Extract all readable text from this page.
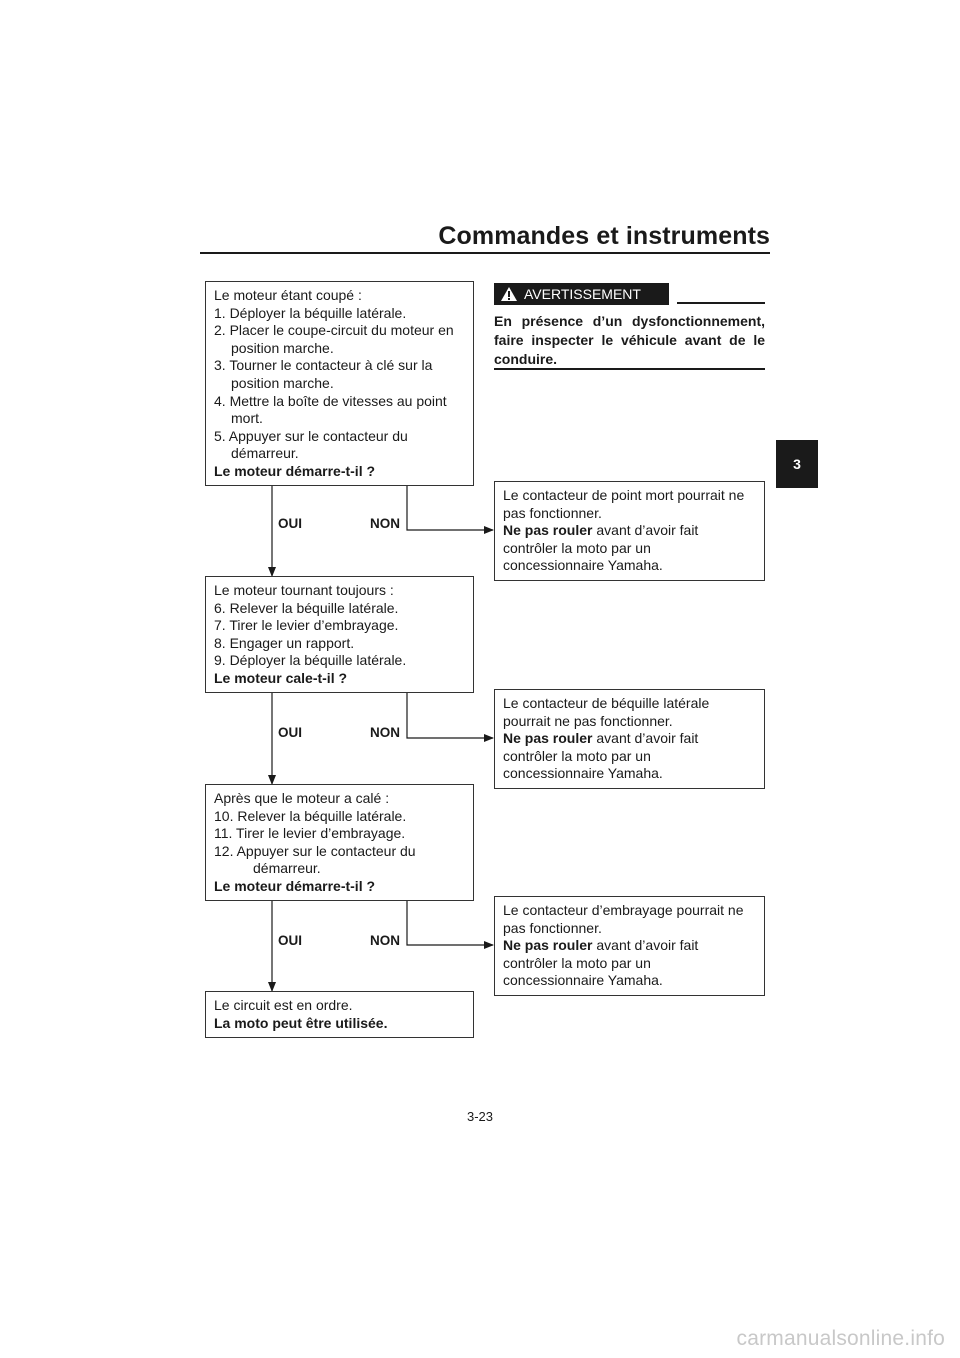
Commandes et instruments
3
Le moteur étant coupé :
1. Déployer la béquille latérale.
2. Placer le coupe-circuit du moteur en
position marche.
3. Tourner le contacteur à clé sur la
position marche.
4. Mettre la boîte de vitesses au point
mort.
5. Appuyer sur le contacteur du
démarreur.
Le moteur démarre-t-il ?
Le moteur tournant toujours :
6. Relever la béquille latérale.
7. Tirer le levier d’embrayage.
8. Engager un rapport.
9. Déployer la béquille latérale.
Le moteur cale-t-il ?
Après que le moteur a calé :
10. Relever la béquille latérale.
11. Tirer le levier d’embrayage.
12. Appuyer sur le contacteur du
démarreur.
Le moteur démarre-t-il ?
Le circuit est en ordre.
La moto peut être utilisée.
OUI	NON
OUI	NON
OUI	NON
Le contacteur de point mort pourrait ne
pas fonctionner.
Ne pas rouler avant d’avoir fait
contrôler la moto par un
concessionnaire Yamaha.
Le contacteur de béquille latérale
pourrait ne pas fonctionner.
Ne pas rouler avant d’avoir fait
contrôler la moto par un
concessionnaire Yamaha.
Le contacteur d’embrayage pourrait ne
pas fonctionner.
Ne pas rouler avant d’avoir fait
contrôler la moto par un
concessionnaire Yamaha.
AVERTISSEMENT
En présence d’un dysfonctionnement, faire inspecter le véhicule avant de le conduire.
3-23
carmanualsonline.info
